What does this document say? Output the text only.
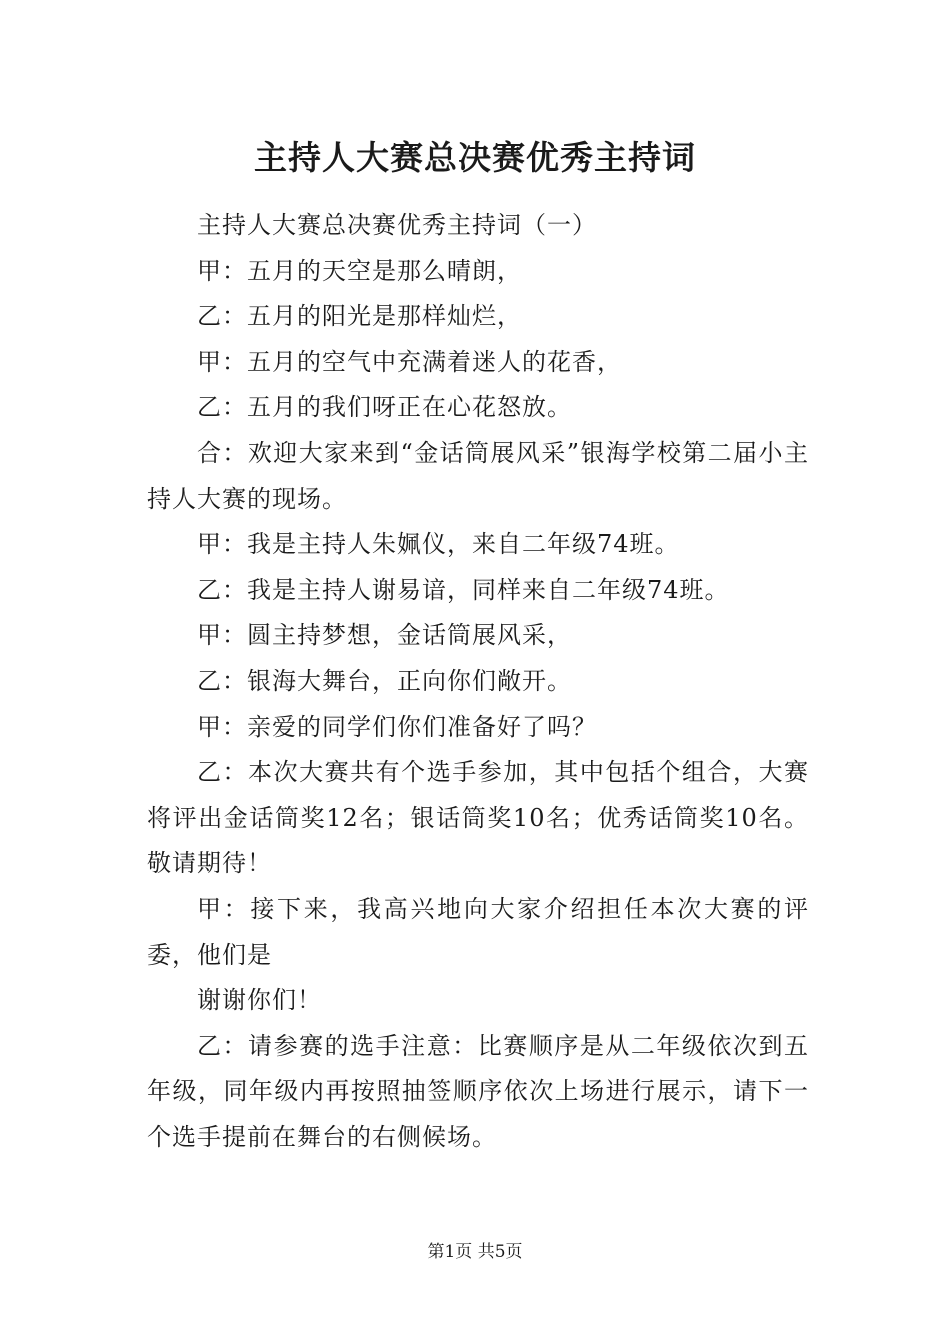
主持人大赛总决赛优秀主持词

主持人大赛总决赛优秀主持词（一）

甲：五月的天空是那么晴朗，

乙：五月的阳光是那样灿烂，

甲：五月的空气中充满着迷人的花香，

乙：五月的我们呀正在心花怒放。

合：欢迎大家来到“金话筒展风采”银海学校第二届小主持人大赛的现场。

甲：我是主持人朱姵仪，来自二年级74班。

乙：我是主持人谢易谙，同样来自二年级74班。

甲：圆主持梦想，金话筒展风采，

乙：银海大舞台，正向你们敞开。

甲：亲爱的同学们你们准备好了吗？

乙：本次大赛共有个选手参加，其中包括个组合，大赛将评出金话筒奖12名；银话筒奖10名；优秀话筒奖10名。敬请期待！

甲：接下来，我高兴地向大家介绍担任本次大赛的评委，他们是

谢谢你们！

乙：请参赛的选手注意：比赛顺序是从二年级依次到五年级，同年级内再按照抽签顺序依次上场进行展示，请下一个选手提前在舞台的右侧候场。

第1页 共5页
